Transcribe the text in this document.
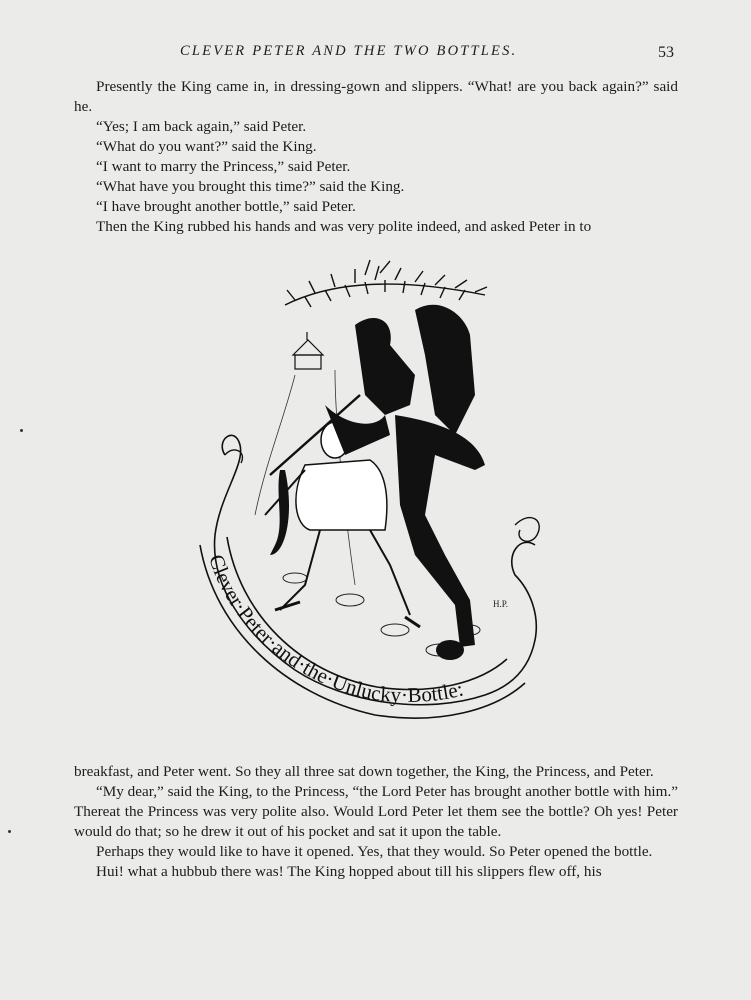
CLEVER PETER AND THE TWO BOTTLES.	53

Presently the King came in, in dressing-gown and slippers. “What! are you back again?” said he.

“Yes; I am back again,” said Peter.

“What do you want?” said the King.

“I want to marry the Princess,” said Peter.

“What have you brought this time?” said the King.

“I have brought another bottle,” said Peter.

Then the King rubbed his hands and was very polite indeed, and asked Peter in to

Clever·Peter·and·the·Unlucky·Bottle:
H.P.

breakfast, and Peter went. So they all three sat down together, the King, the Princess, and Peter.

“My dear,” said the King, to the Princess, “the Lord Peter has brought another bottle with him.” Thereat the Princess was very polite also. Would Lord Peter let them see the bottle? Oh yes! Peter would do that; so he drew it out of his pocket and sat it upon the table.

Perhaps they would like to have it opened. Yes, that they would. So Peter opened the bottle.

Hui! what a hubbub there was! The King hopped about till his slippers flew off, his
